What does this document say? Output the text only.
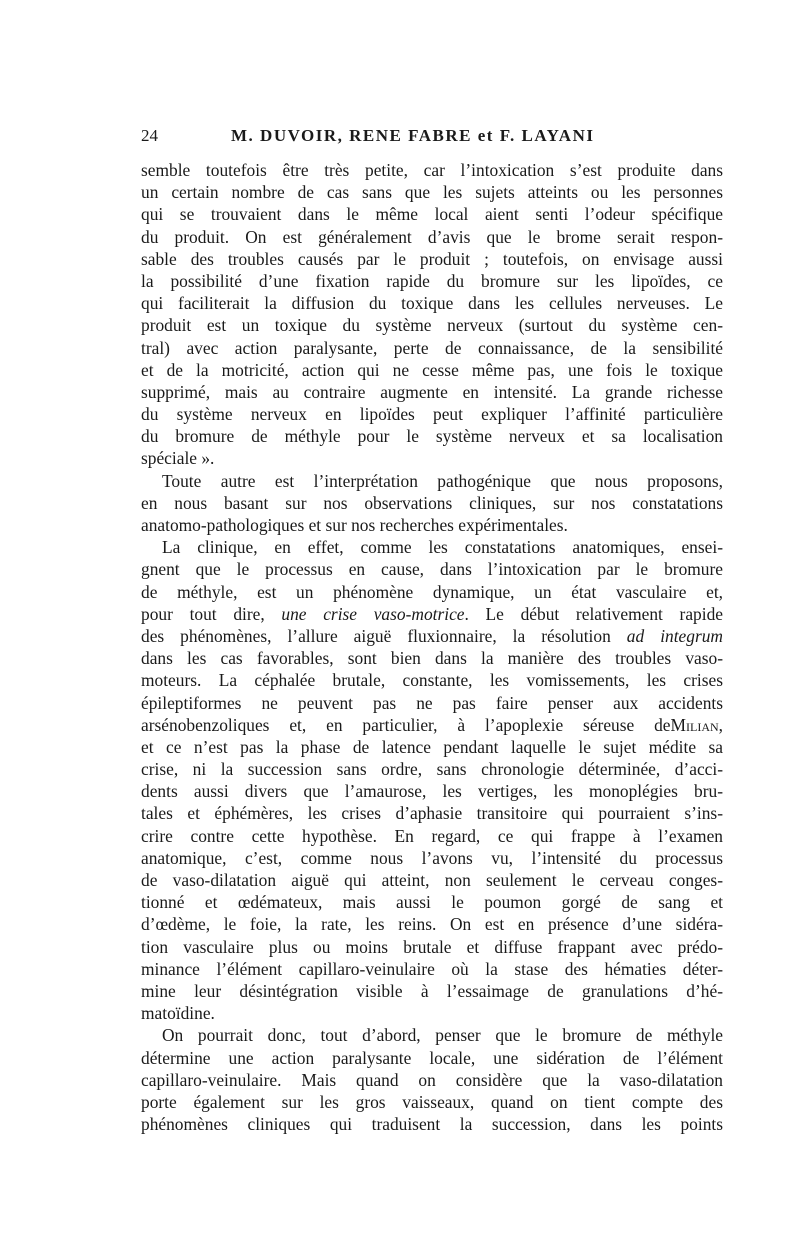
24	M. DUVOIR, RENE FABRE et F. LAYANI
semble toutefois être très petite, car l’intoxication s’est produite dans
un certain nombre de cas sans que les sujets atteints ou les personnes
qui se trouvaient dans le même local aient senti l’odeur spécifique
du produit. On est généralement d’avis que le brome serait respon-
sable des troubles causés par le produit ; toutefois, on envisage aussi
la possibilité d’une fixation rapide du bromure sur les lipoïdes, ce
qui faciliterait la diffusion du toxique dans les cellules nerveuses. Le
produit est un toxique du système nerveux (surtout du système cen-
tral) avec action paralysante, perte de connaissance, de la sensibilité
et de la motricité, action qui ne cesse même pas, une fois le toxique
supprimé, mais au contraire augmente en intensité. La grande richesse
du système nerveux en lipoïdes peut expliquer l’affinité particulière
du bromure de méthyle pour le système nerveux et sa localisation
spéciale ».
Toute autre est l’interprétation pathogénique que nous proposons,
en nous basant sur nos observations cliniques, sur nos constatations
anatomo-pathologiques et sur nos recherches expérimentales.
La clinique, en effet, comme les constatations anatomiques, ensei-
gnent que le processus en cause, dans l’intoxication par le bromure
de méthyle, est un phénomène dynamique, un état vasculaire et,
pour tout dire, une crise vaso-motrice. Le début relativement rapide
des phénomènes, l’allure aiguë fluxionnaire, la résolution ad integrum
dans les cas favorables, sont bien dans la manière des troubles vaso-
moteurs. La céphalée brutale, constante, les vomissements, les crises
épileptiformes ne peuvent pas ne pas faire penser aux accidents
arsénobenzoliques et, en particulier, à l’apoplexie séreuse deMilian,
et ce n’est pas la phase de latence pendant laquelle le sujet médite sa
crise, ni la succession sans ordre, sans chronologie déterminée, d’acci-
dents aussi divers que l’amaurose, les vertiges, les monoplégies bru-
tales et éphémères, les crises d’aphasie transitoire qui pourraient s’ins-
crire contre cette hypothèse. En regard, ce qui frappe à l’examen
anatomique, c’est, comme nous l’avons vu, l’intensité du processus
de vaso-dilatation aiguë qui atteint, non seulement le cerveau conges-
tionné et œdémateux, mais aussi le poumon gorgé de sang et
d’œdème, le foie, la rate, les reins. On est en présence d’une sidéra-
tion vasculaire plus ou moins brutale et diffuse frappant avec prédo-
minance l’élément capillaro-veinulaire où la stase des hématies déter-
mine leur désintégration visible à l’essaimage de granulations d’hé-
matoïdine.
On pourrait donc, tout d’abord, penser que le bromure de méthyle
détermine une action paralysante locale, une sidération de l’élément
capillaro-veinulaire. Mais quand on considère que la vaso-dilatation
porte également sur les gros vaisseaux, quand on tient compte des
phénomènes cliniques qui traduisent la succession, dans les points
